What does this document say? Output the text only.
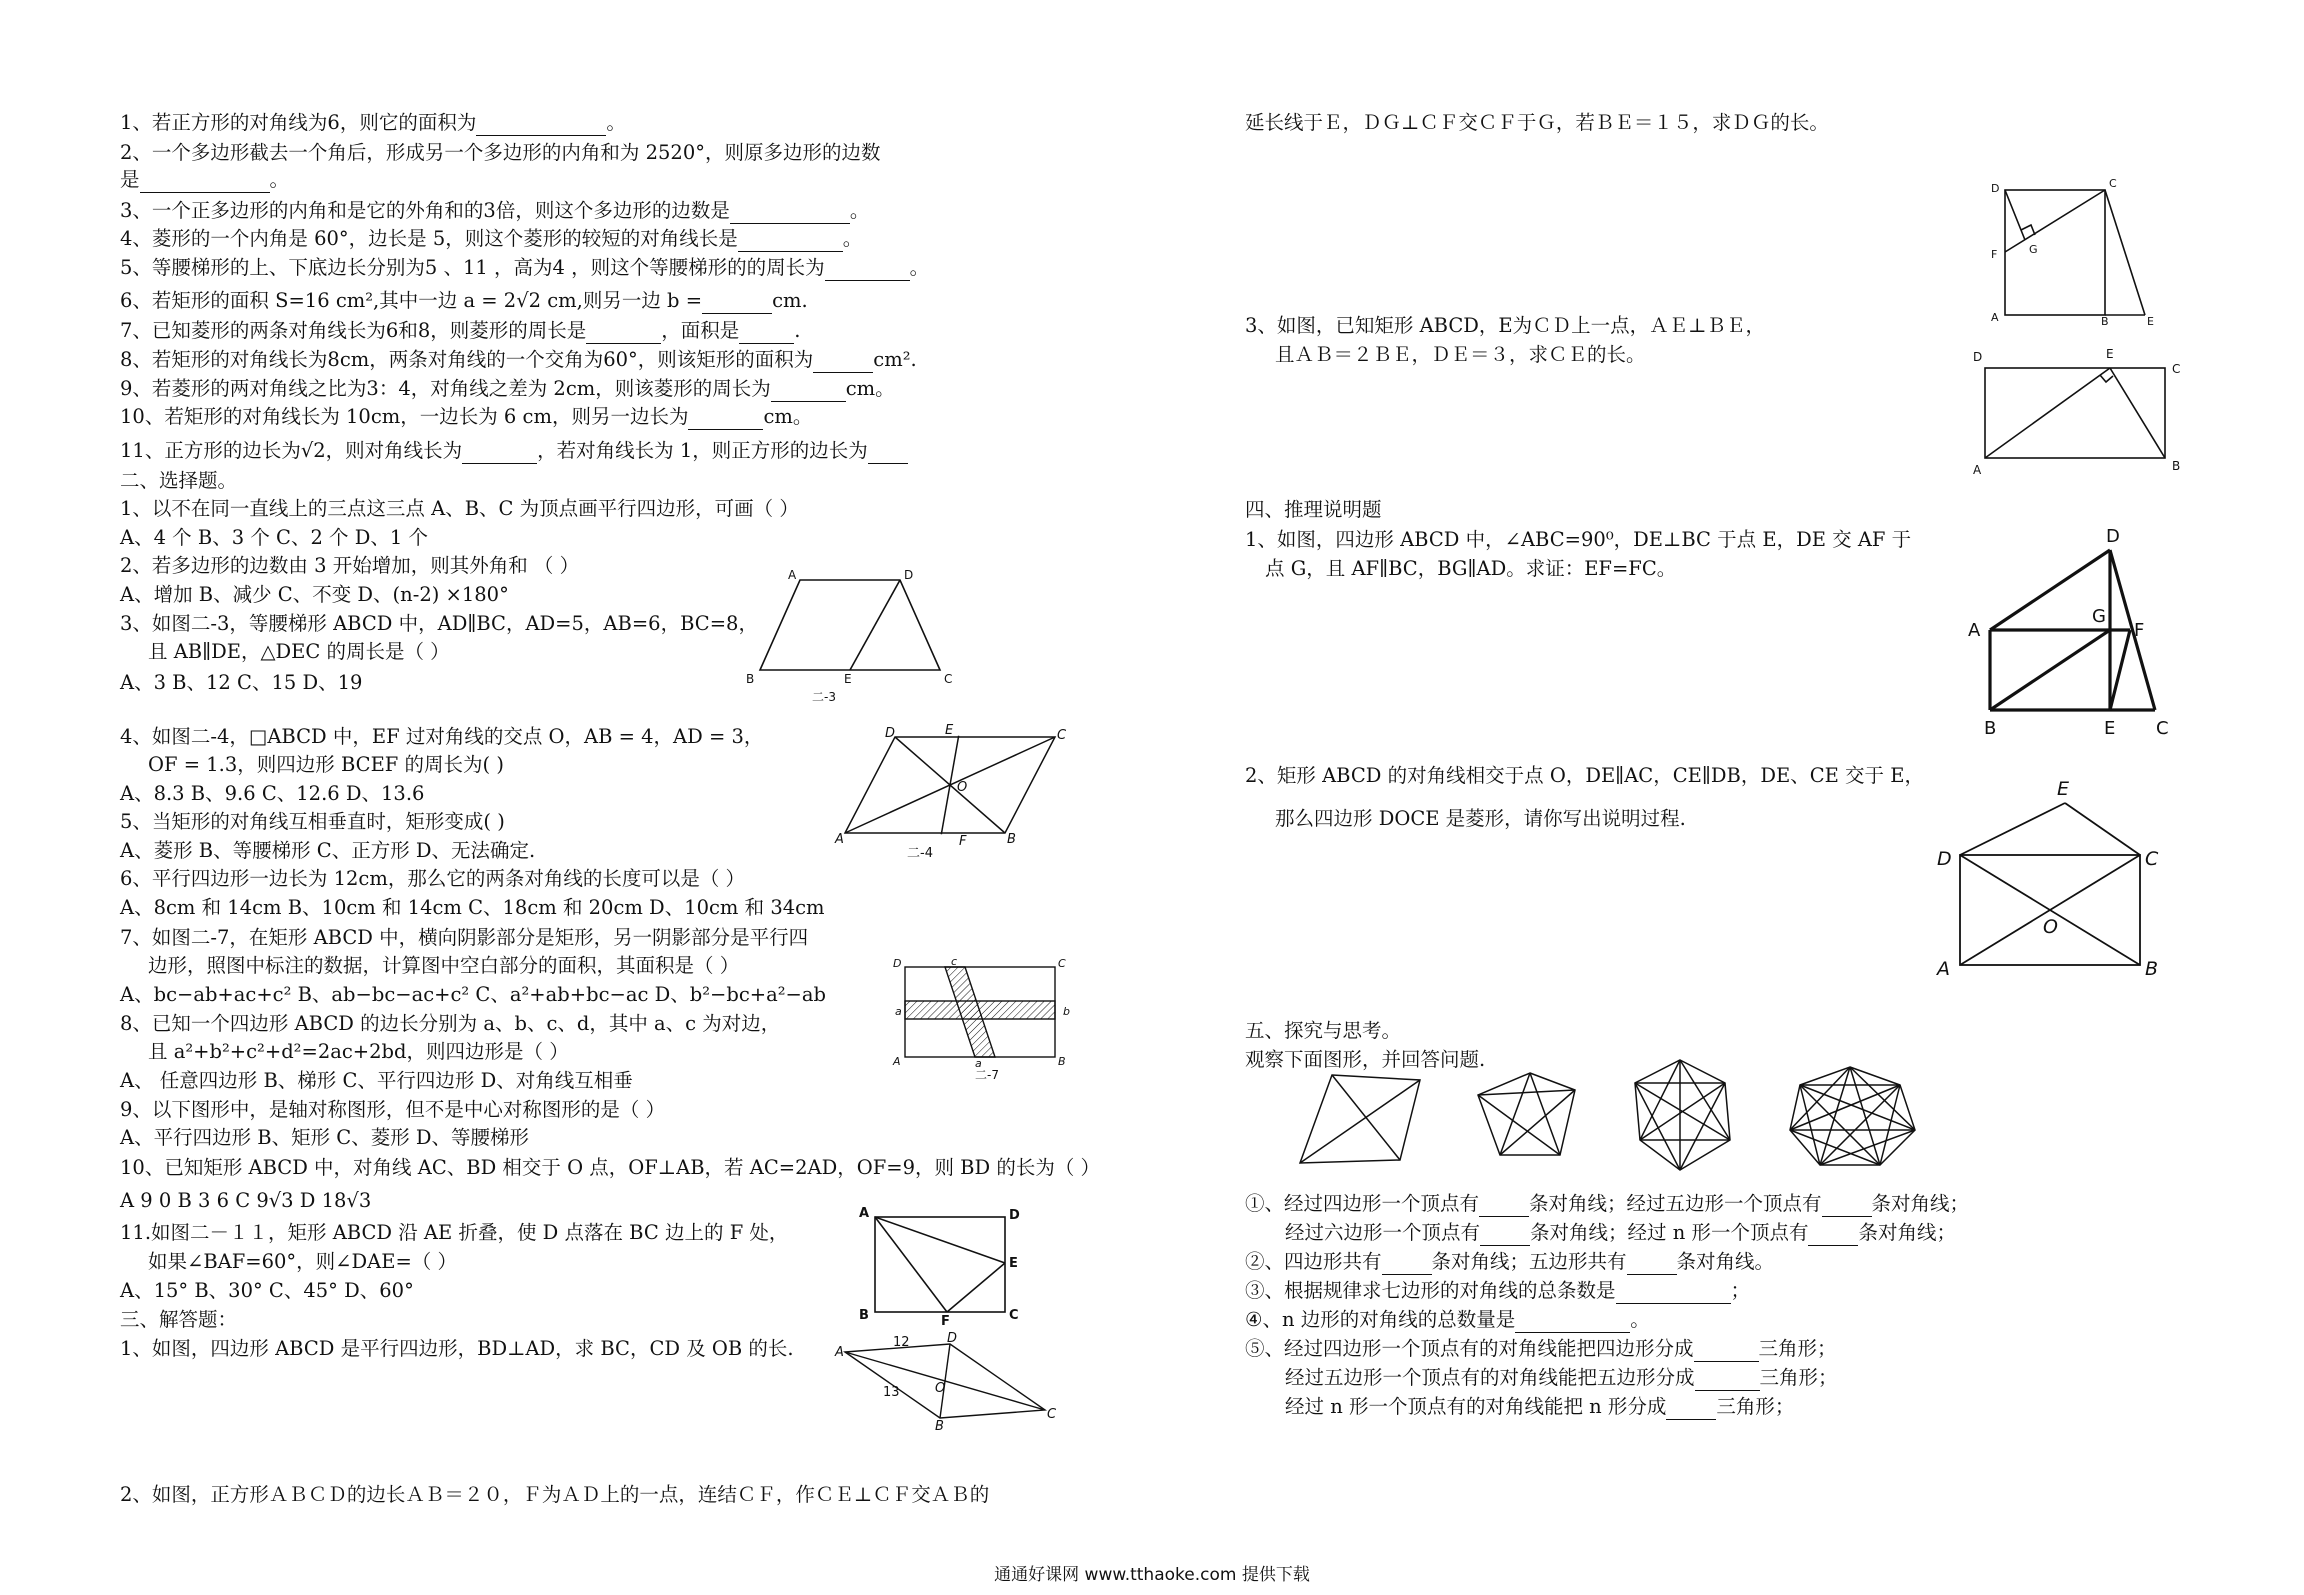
1、若正方形的对角线为6，则它的面积为	。
2、一个多边形截去一个角后，形成另一个多边形的内角和为 2520°，则原多边形的边数
是	。
3、一个正多边形的内角和是它的外角和的3倍，则这个多边形的边数是	。
4、菱形的一个内角是 60°，边长是 5，则这个菱形的较短的对角线长是	。
5、等腰梯形的上、下底边长分别为5 、11 ，高为4 ，则这个等腰梯形的的周长为	。
6、若矩形的面积 S=16 cm²,其中一边 a = 2√2 cm,则另一边 b =	cm.
7、已知菱形的两条对角线长为6和8，则菱形的周长是	，面积是	.
8、若矩形的对角线长为8cm，两条对角线的一个交角为60°，则该矩形的面积为	cm².
9、若菱形的两对角线之比为3：4，对角线之差为 2cm，则该菱形的周长为	cm。
10、若矩形的对角线长为 10cm，一边长为 6 cm，则另一边长为	cm。
11、正方形的边长为√2，则对角线长为	，若对角线长为 1，则正方形的边长为
二、选择题。
1、以不在同一直线上的三点这三点 A、B、C 为顶点画平行四边形，可画（ ）
A、4 个 B、3 个 C、2 个 D、1 个
2、若多边形的边数由 3 开始增加，则其外角和 （ ）
A、增加 B、减少 C、不变 D、(n-2) ×180°
3、如图二-3，等腰梯形 ABCD 中，AD∥BC，AD=5，AB=6，BC=8，
且 AB∥DE，△DEC 的周长是（ ）
A、3 B、12 C、15 D、19
4、如图二-4，□ABCD 中，EF 过对角线的交点 O，AB = 4，AD = 3，
OF = 1.3，则四边形 BCEF 的周长为( )
A、8.3 B、9.6 C、12.6 D、13.6
5、当矩形的对角线互相垂直时，矩形变成( )
A、菱形 B、等腰梯形 C、正方形 D、无法确定.
6、平行四边形一边长为 12cm，那么它的两条对角线的长度可以是（ ）
A、8cm 和 14cm B、10cm 和 14cm C、18cm 和 20cm D、10cm 和 34cm
7、如图二-7，在矩形 ABCD 中，横向阴影部分是矩形，另一阴影部分是平行四
边形，照图中标注的数据，计算图中空白部分的面积，其面积是（ ）
A、bc−ab+ac+c² B、ab−bc−ac+c² C、a²+ab+bc−ac D、b²−bc+a²−ab
8、已知一个四边形 ABCD 的边长分别为 a、b、c、d，其中 a、c 为对边，
且 a²+b²+c²+d²=2ac+2bd，则四边形是（ ）
A、 任意四边形 B、梯形 C、平行四边形 D、对角线互相垂
9、以下图形中，是轴对称图形，但不是中心对称图形的是（ ）
A、平行四边形 B、矩形 C、菱形 D、等腰梯形
10、已知矩形 ABCD 中，对角线 AC、BD 相交于 O 点，OF⊥AB，若 AC=2AD，OF=9，则 BD 的长为（ ）
A 9 0 B 3 6 C 9√3 D 18√3
11.如图二－１１，矩形 ABCD 沿 AE 折叠，使 D 点落在 BC 边上的 F 处，
如果∠BAF=60°，则∠DAE=（ ）
A、15° B、30° C、45° D、60°
三、解答题：
1、如图，四边形 ABCD 是平行四边形，BD⊥AD，求 BC，CD 及 OB 的长.
2、如图，正方形ＡＢＣＤ的边长ＡＢ＝２０，Ｆ为ＡＤ上的一点，连结ＣＦ，作ＣＥ⊥ＣＦ交ＡＢ的
延长线于Ｅ，ＤＧ⊥ＣＦ交ＣＦ于Ｇ，若ＢＥ＝１５，求ＤＧ的长。
3、如图，已知矩形 ABCD，E为ＣＤ上一点，ＡＥ⊥ＢＥ，
且ＡＢ＝２ＢＥ，ＤＥ＝３，求ＣＥ的长。
四、推理说明题
1、如图，四边形 ABCD 中，∠ABC=90⁰，DE⊥BC 于点 E，DE 交 AF 于
点 G，且 AF∥BC，BG∥AD。求证：EF=FC。
2、矩形 ABCD 的对角线相交于点 O，DE∥AC，CE∥DB，DE、CE 交于 E，
那么四边形 DOCE 是菱形，请你写出说明过程.
五、探究与思考。
观察下面图形，并回答问题.
①、经过四边形一个顶点有	条对角线；经过五边形一个顶点有	条对角线；
经过六边形一个顶点有	条对角线；经过 n 形一个顶点有	条对角线；
②、四边形共有	条对角线；五边形共有	条对角线。
③、根据规律求七边形的对角线的总条数是	；
④、n 边形的对角线的总数量是	。
⑤、经过四边形一个顶点有的对角线能把四边形分成	三角形；
经过五边形一个顶点有的对角线能把五边形分成	三角形；
经过 n 形一个顶点有的对角线能把 n 形分成	三角形；
A	D
B	E	C
二-3
D	E	C
O
A	F	B
二-4
D	c	C
a	b
A	B
a
二-7
A	D
E
B	F	C
A
D
O
B
C
12
13
D	C
G
F
A	B	E
D	E
C
A	B
D
A
G
F
B	E C
E
D	C
O
A	B
通通好课网 www.tthaoke.com 提供下载
